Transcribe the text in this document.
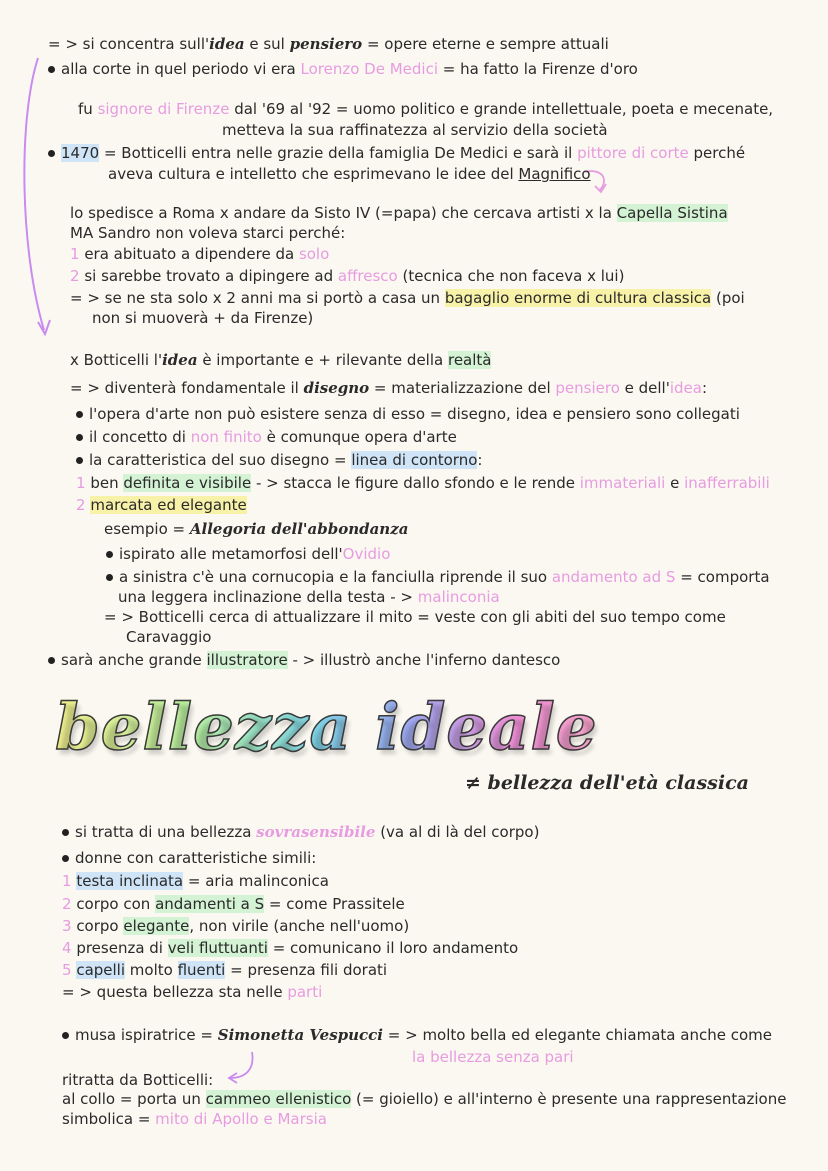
= > si concentra sull'idea e sul pensiero = opere eterne e sempre attuali
alla corte in quel periodo vi era Lorenzo De Medici = ha fatto la Firenze d'oro
fu signore di Firenze dal '69 al '92 = uomo politico e grande intellettuale, poeta e mecenate,
metteva la sua raffinatezza al servizio della società
1470 = Botticelli entra nelle grazie della famiglia De Medici e sarà il pittore di corte perché
aveva cultura e intelletto che esprimevano le idee del Magnifico
lo spedisce a Roma x andare da Sisto IV (=papa) che cercava artisti x la Capella Sistina
MA Sandro non voleva starci perché:
1 era abituato a dipendere da solo
2 si sarebbe trovato a dipingere ad affresco (tecnica che non faceva x lui)
= > se ne sta solo x 2 anni ma si portò a casa un bagaglio enorme di cultura classica (poi
non si muoverà + da Firenze)
x Botticelli l'idea è importante e + rilevante della realtà
= > diventerà fondamentale il disegno = materializzazione del pensiero e dell'idea:
l'opera d'arte non può esistere senza di esso = disegno, idea e pensiero sono collegati
il concetto di non finito è comunque opera d'arte
la caratteristica del suo disegno = linea di contorno:
1 ben definita e visibile - > stacca le figure dallo sfondo e le rende immateriali e inafferrabili
2 marcata ed elegante
esempio = Allegoria dell'abbondanza
ispirato alle metamorfosi dell'Ovidio
a sinistra c'è una cornucopia e la fanciulla riprende il suo andamento ad S = comporta
una leggera inclinazione della testa - > malinconia
= > Botticelli cerca di attualizzare il mito = veste con gli abiti del suo tempo come
Caravaggio
sarà anche grande illustratore - > illustrò anche l'inferno dantesco
bellezza ideale
≠ bellezza dell'età classica
si tratta di una bellezza sovrasensibile (va al di là del corpo)
donne con caratteristiche simili:
1 testa inclinata = aria malinconica
2 corpo con andamenti a S = come Prassitele
3 corpo elegante, non virile (anche nell'uomo)
4 presenza di veli fluttuanti = comunicano il loro andamento
5 capelli molto fluenti = presenza fili dorati
= > questa bellezza sta nelle parti
musa ispiratrice = Simonetta Vespucci = > molto bella ed elegante chiamata anche come
la bellezza senza pari
ritratta da Botticelli:
al collo = porta un cammeo ellenistico (= gioiello) e all'interno è presente una rappresentazione
simbolica = mito di Apollo e Marsia
